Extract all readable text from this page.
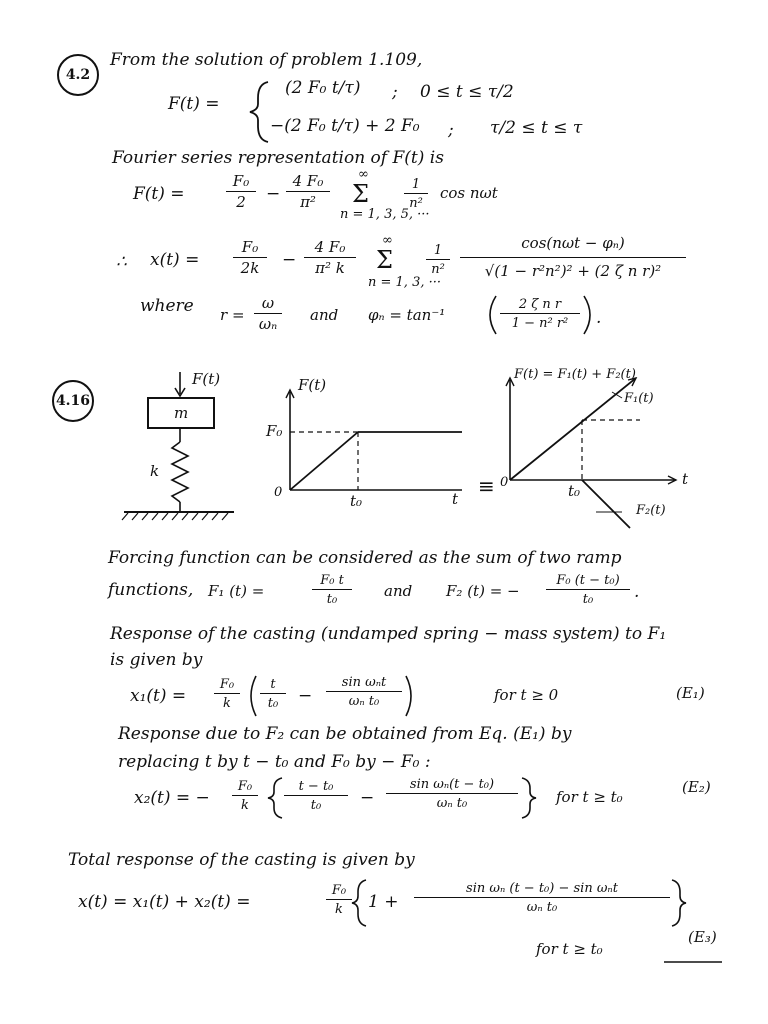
4.2
From the solution of problem 1.109,
F(t) =
(2 F₀ t/τ) ; 0 ≤ t ≤ τ/2
−(2 F₀ t/τ) + 2 F₀ ; τ/2 ≤ t ≤ τ
Fourier series representation of F(t) is
F(t) =	$\frac{\text{F₀}}{2} - \frac{\text{4 F₀}}{\text{π²}}$ ∞
Σ
n = 1, 3, 5, ···
$\frac{1}{\text{n²}}$ cos nωt
∴ $x(t) = \frac{\text{F₀}}{2k} - \frac{\text{4 F₀}}{\text{π² k}}$ ∞
Σ
n = 1, 3, ···
$\frac{1}{\text{n²}}$
cos(nωt − φₙ)
√(1 − r²n²)² + (2 ζ n r)²
where $r = \frac{\omega}{\text{ωₙ}}$ and φₙ = tan⁻¹	$\frac{\text{2 ζ n r}}{\text{1 − n² r²}}$ .
4.16
F(t)
m
k
F(t)
F₀
0	t₀	t
≡
F(t) = F₁(t) + F₂(t)
F₁(t)
0	t₀
t
F₂(t)
Forcing function can be considered as the sum of two ramp
functions, F₁ (t) =	$\frac{\text{F₀ t}}{\text{t₀}}$ and F₂ (t) = − $\frac{\text{F₀ (t − t₀)}}{\text{t₀}}$ .
Response of the casting (undamped spring − mass system) to F₁
is given by
$x_1(t) = \frac{\text{F₀}}{k} \frac{t}{\text{t₀}}$ −
sin ωₙt
ωₙ t₀	for t ≥ 0	(E₁)
Response due to F₂ can be obtained from Eq. (E₁) by
replacing t by t − t₀ and F₀ by − F₀ :
x₂(t) = − $\frac{\text{F₀}}{k} \frac{\text{t − t₀}}{\text{t₀}} - \frac{\text{sin ωₙ(t − t₀)}}{\text{ωₙ t₀}}$	for t ≥ t₀
(E₂)
Total response of the casting is given by
x(t) = x₁(t) + x₂(t) =	$\frac{\text{F₀}}{k} 1$ +
sin ωₙ (t − t₀) − sin ωₙt
ωₙ t₀
for t ≥ t₀
(E₃)
